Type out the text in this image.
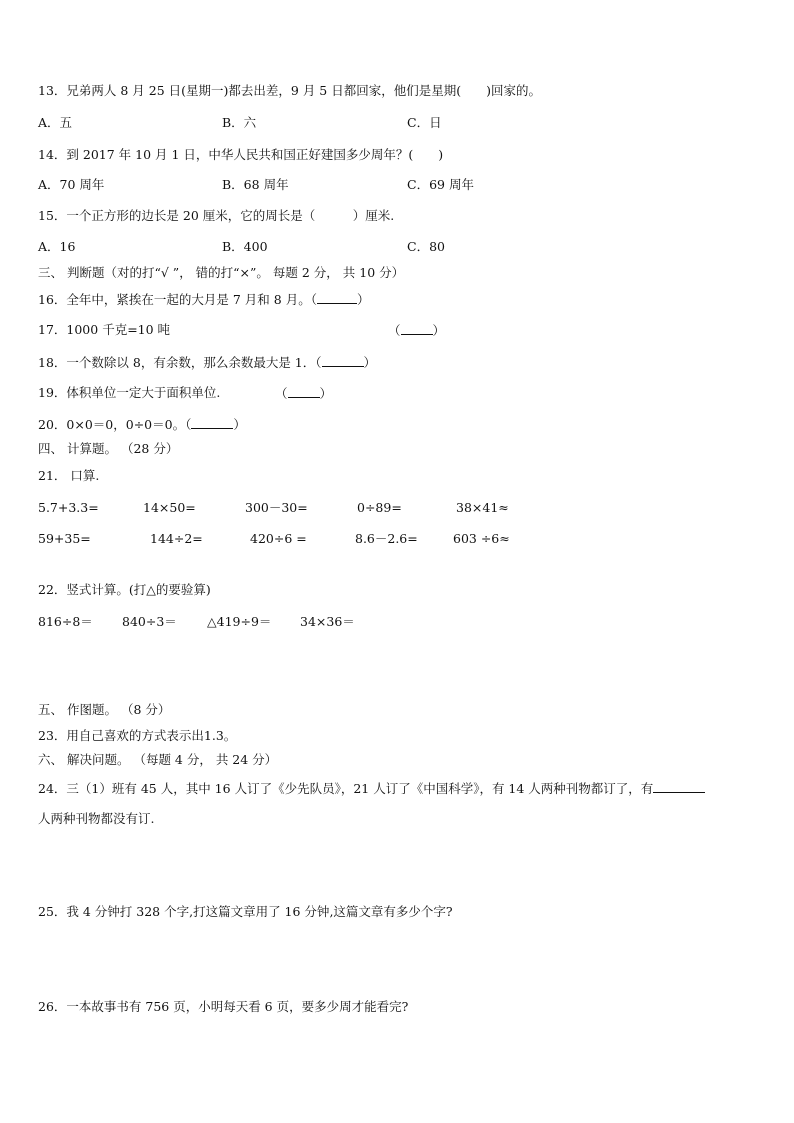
13．兄弟两人 8 月 25 日(星期一)都去出差，9 月 5 日都回家，他们是星期(　　)回家的。
A．五	B．六	C．日
14．到 2017 年 10 月 1 日，中华人民共和国正好建国多少周年？(　　)
A．70 周年	B．68 周年	C．69 周年
15．一个正方形的边长是 20 厘米，它的周长是（　　　）厘米.
A．16	B．400	C．80
三、 判断题（对的打“√ ”， 错的打“×”。 每题 2 分， 共 10 分）
16．全年中，紧挨在一起的大月是 7 月和 8 月。（	）
17．1000 千克=10 吨	（	）
18．一个数除以 8，有余数，那么余数最大是 1．（	）
19．体积单位一定大于面积单位.	（	）
20．0×0＝0，0÷0＝0。（	）
四、 计算题。 （28 分）
21． 口算.
5.7+3.3=	14×50=	300－30=	0÷89=	38×41≈
59+35=	144÷2=	420÷6 =	8.6－2.6=	603 ÷6≈
22．竖式计算。(打△的要验算)
816÷8＝ 840÷3＝ △419÷9＝ 34×36＝
五、 作图题。 （8 分）
23．用自己喜欢的方式表示出1.3。
六、 解决问题。 （每题 4 分， 共 24 分）
24．三（1）班有 45 人，其中 16 人订了《少先队员》，21 人订了《中国科学》，有 14 人两种刊物都订了，有
人两种刊物都没有订.
25．我 4 分钟打 328 个字,打这篇文章用了 16 分钟,这篇文章有多少个字?
26．一本故事书有 756 页，小明每天看 6 页，要多少周才能看完?
